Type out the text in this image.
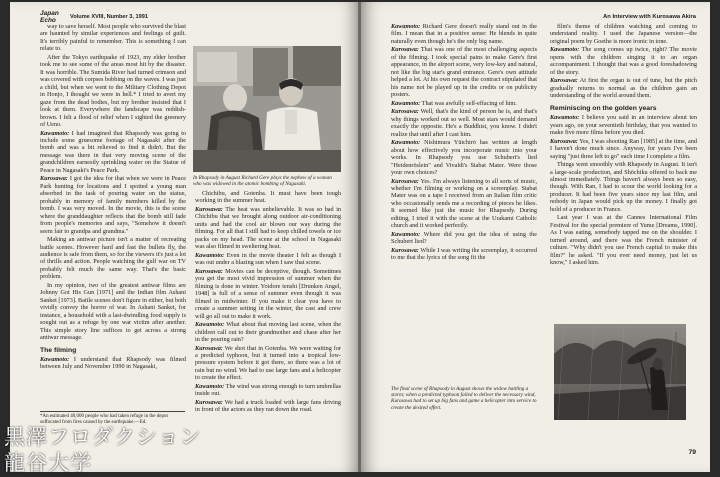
Japan
Echo	Volume XVIII, Number 3, 1991

way to save herself. Most people who survived the blast are haunted by similar experiences and feelings of guilt. It's terribly painful to remember. This is something I can relate to.

After the Tokyo earthquake of 1923, my elder brother took me to see some of the areas most hit by the disaster. It was horrible. The Sumida River had turned crimson and was covered with corpses bobbing on the waves. I was just a child, but when we went to the Military Clothing Depot in Honjo, I thought we were in hell.* I tried to avert my gaze from the dead bodies, but my brother insisted that I look at them. Everywhere the landscape was reddish-brown. I felt a flood of relief when I sighted the greenery of Ueno.

Kawamoto: I had imagined that Rhapsody was going to include some gruesome footage of Nagasaki after the bomb and was a bit relieved to find it didn't. But the message was there in that very moving scene of the grandchildren earnestly sprinkling water on the Statue of Peace in Nagasaki's Peace Park.

Kurosawa: I got the idea for that when we were in Peace Park hunting for locations and I spotted a young man absorbed in the task of pouring water on the statue, probably in memory of family members killed by the bomb. I was very moved. In the movie, this is the scene where the granddaughter reflects that the bomb still fade from people's memories and says, "Somehow it doesn't seem fair to grandpa and grandma."

Making an antiwar picture isn't a matter of recreating battle scenes. However hard and fast the bullets fly, the audience is safe from them, so for the viewers it's just a lot of thrills and action. People watching the gulf war on TV probably felt much the same way. That's the basic problem.

In my opinion, two of the greatest antiwar films are Johnny Got His Gun [1971] and the Indian film Ashani Sanket [1973]. Battle scenes don't figure in either, but both vividly convey the horror of war. In Ashani Sanket, for instance, a household with a last-dwindling food supply is sought out as a refuge by one war victim after another. This simple story line suffices to get across a strong antiwar message.

The filming

Kawamoto: I understand that Rhapsody was filmed between July and November 1990 in Nagasaki,

*An estimated 40,000 people who had taken refuge in the depot suffocated from fires caused by the earthquake.—Ed.
In Rhapsody in August Richard Gere plays the nephew of a woman who was widowed in the atomic bombing of Nagasaki.

Chichibu, and Gotenba. It must have been tough working in the summer heat.

Kurosawa: The heat was unbelievable. It was so bad in Chichibu that we brought along outdoor air-conditioning units and had the cool air blown our way during the filming. For all that I still had to keep chilled towels or ice packs on my head. The scene at the school in Nagasaki was also filmed in sweltering heat.

Kawamoto: Even in the movie theater I felt as though I was out under a blazing sun when I saw that scene.

Kurosawa: Movies can be deceptive, though. Sometimes you get the most vivid impression of summer when the filming is done in winter. Yoidore tenshi [Drunken Angel, 1948] is full of a sense of summer even though it was filmed in midwinter. If you make it clear you have to create a summer setting in the winter, the cast and crew will go all out to make it work.

Kawamoto: What about that moving last scene, when the children call out to their grandmother and chase after her in the pouring rain?

Kurosawa: We shot that in Gotenba. We were waiting for a predicted typhoon, but it turned into a tropical low-pressure system before it got there, so there was a lot of rain but no wind. We had to use large fans and a helicopter to create the effect.

Kawamoto: The wind was strong enough to turn umbrellas inside out.

Kurosawa: We had a truck loaded with large fans driving in front of the actors as they ran down the road.

An Interview with Kurosawa Akira

Kawamoto: Richard Gere doesn't really stand out in the film. I mean that in a positive sense: He blends in quite naturally even though he's the only big name.

Kurosawa: That was one of the most challenging aspects of the filming. I took special pains to make Gere's first appearance, in the airport scene, very low-key and natural, not like the big star's grand entrance. Gere's own attitude helped a lot. At his own request the contract stipulated that his name not be played up in the credits or on publicity posters.

Kawamoto: That was awfully self-effacing of him.

Kurosawa: Well, that's the kind of person he is, and that's why things worked out so well. Most stars would demand exactly the opposite. He's a Buddhist, you know. I didn't realize that until after I cast him.

Kawamoto: Nishimura Yūichirō has written at length about how effectively you incorporate music into your works. In Rhapsody you use Schubert's lied "Heidenröslein" and Vivaldi's Stabat Mater. Were those your own choices?

Kurosawa: Yes. I'm always listening to all sorts of music, whether I'm filming or working on a screenplay. Stabat Mater was on a tape I received from an Italian film critic who occasionally sends me a recording of pieces he likes. It seemed like just the music for Rhapsody. During editing, I tried it with the scene at the Urakami Catholic church and it worked perfectly.

Kawamoto: Where did you get the idea of using the Schubert lied?

Kurosawa: While I was writing the screenplay, it occurred to me that the lyrics of the song fit the

film's theme of children watching and coming to understand reality. I used the Japanese version—the original poem by Goethe is more ironic in tone.

Kawamoto: The song comes up twice, right? The movie opens with the children singing it to an organ accompaniment. I thought that was a good foreshadowing of the story.

Kurosawa: At first the organ is out of tune, but the pitch gradually returns to normal as the children gain an understanding of the world around them.

Reminiscing on the golden years

Kawamoto: I believe you said in an interview about ten years ago, on your seventieth birthday, that you wanted to make five more films before you died.

Kurosawa: Yes, I was shooting Ran [1985] at the time, and I haven't done much since. Anyway, for years I've been saying "just three left to go" each time I complete a film.

Things went smoothly with Rhapsody in August. It isn't a large-scale production, and Shōchiku offered to back me almost immediately. Things haven't always been so easy, though. With Ran, I had to scour the world looking for a producer. It had been five years since my last film, and nobody in Japan would pick up the money. I finally got hold of a producer in France.

Last year I was at the Cannes International Film Festival for the special premiere of Yume [Dreams, 1990]. As I was eating, somebody tapped me on the shoulder. I turned around, and there was the French minister of culture. "Why didn't you use French capital to make this film?" he asked. "If you ever need money, just let us know," I asked him.

Photo:Kurosawa Production
The final scene of Rhapsody in August shows the widow battling a storm; when a predicted typhoon failed to deliver the necessary wind, Kurosawa had to set up big fans and game a helicopter into service to create the desired effect.
79
黒澤フロダクション
龍谷大学
